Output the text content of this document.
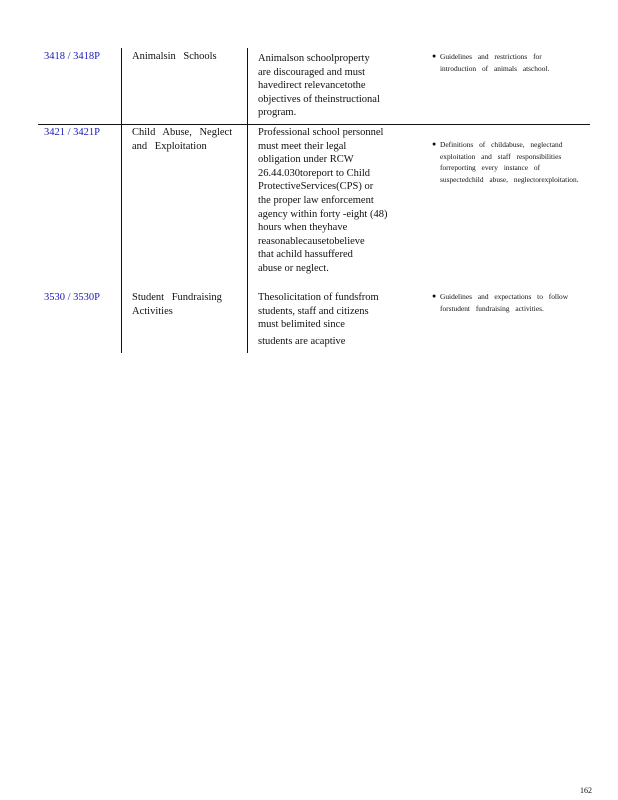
3418 / 3418P	Animalsin Schools	Animalson schoolproperty
are discouraged and must
havedirect relevancetothe
objectives of theinstructional
program.
● Guidelines and restrictions for introduction of animals atschool.
3421 / 3421P	Child Abuse, Neglect and Exploitation
Professional school personnel
must meet their legal
obligation under RCW
26.44.030toreport to Child
ProtectiveServices(CPS) or
the proper law enforcement
agency within forty -eight (48)
hours when theyhave
reasonablecausetobelieve
that achild hassuffered
abuse or neglect.
● Definitions of childabuse, neglectand exploitation and staff responsibilities forreporting every instance of suspectedchild abuse, neglectorexploitation.
3530 / 3530P	Student Fundraising Activities
Thesolicitation of fundsfrom
students, staff and citizens
must belimited since
students are acaptive
● Guidelines and expectations to follow forstudent fundraising activities.
162
